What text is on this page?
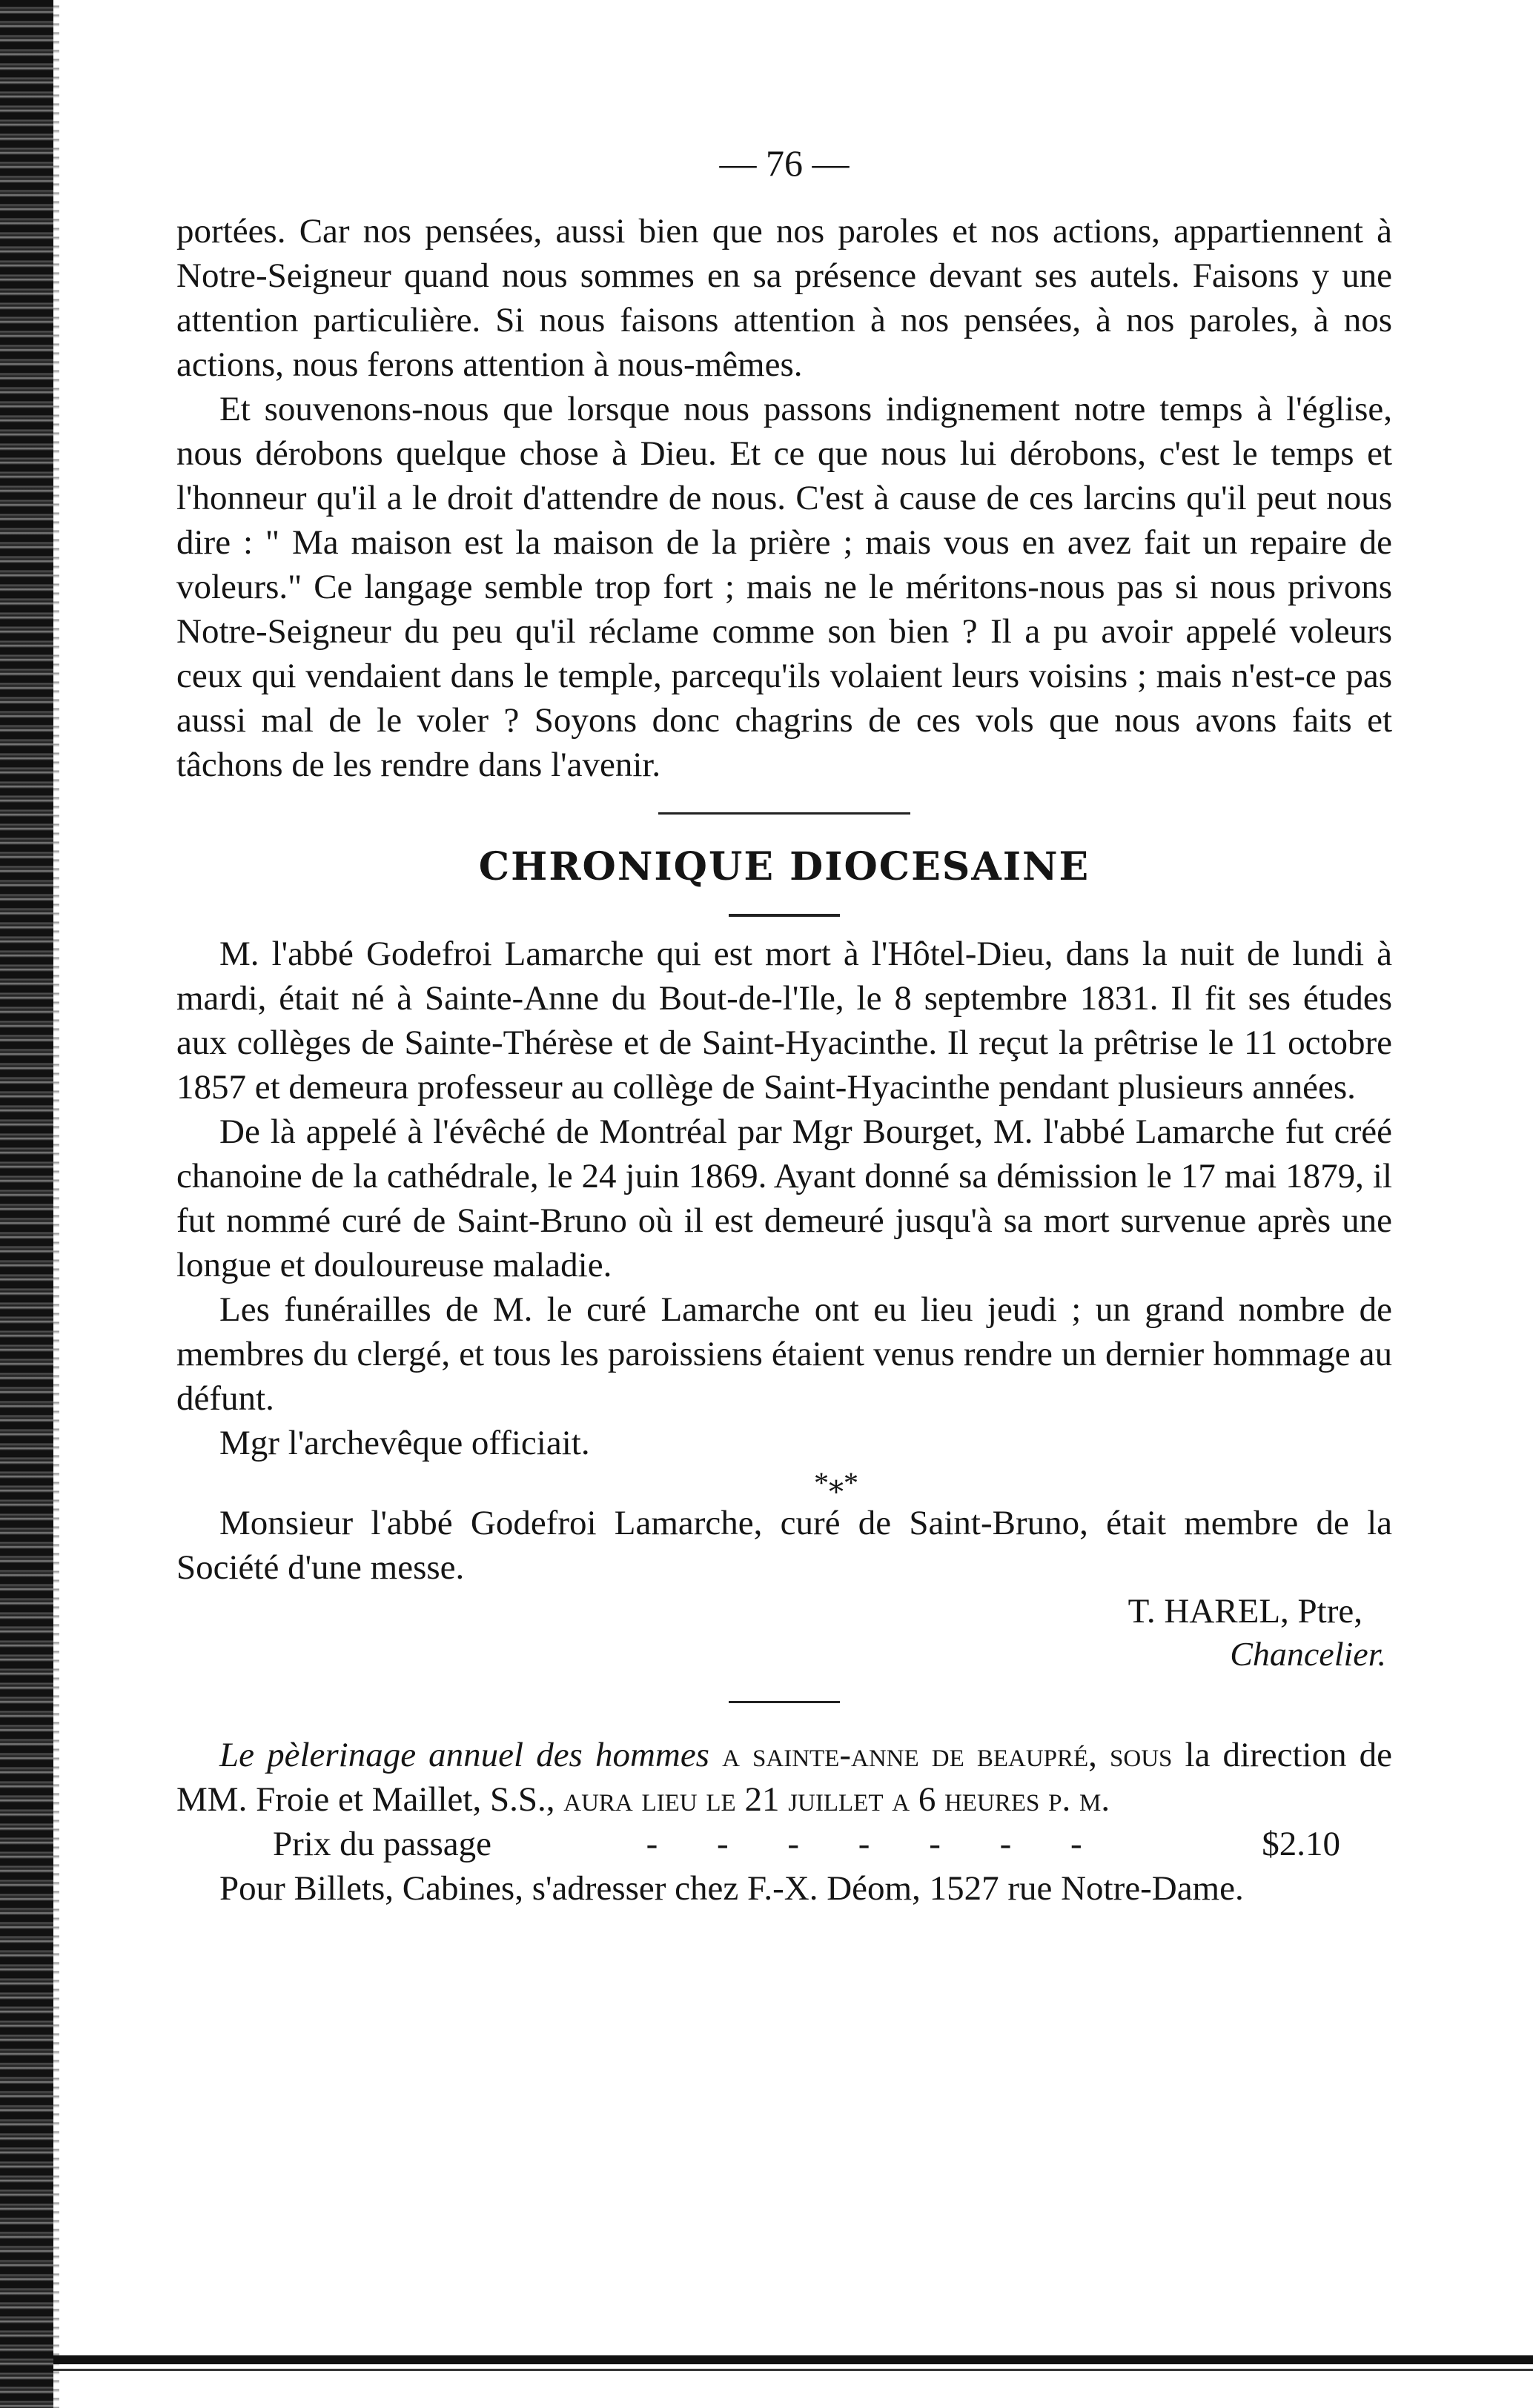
— 76 —

portées. Car nos pensées, aussi bien que nos paroles et nos actions, appartiennent à Notre-Seigneur quand nous sommes en sa présence devant ses autels. Faisons y une attention particulière. Si nous faisons attention à nos pensées, à nos paroles, à nos actions, nous ferons attention à nous-mêmes.

Et souvenons-nous que lorsque nous passons indignement notre temps à l'église, nous dérobons quelque chose à Dieu. Et ce que nous lui dérobons, c'est le temps et l'honneur qu'il a le droit d'attendre de nous. C'est à cause de ces larcins qu'il peut nous dire : " Ma maison est la maison de la prière ; mais vous en avez fait un repaire de voleurs." Ce langage semble trop fort ; mais ne le méritons-nous pas si nous privons Notre-Seigneur du peu qu'il réclame comme son bien ? Il a pu avoir appelé voleurs ceux qui vendaient dans le temple, parcequ'ils volaient leurs voisins ; mais n'est-ce pas aussi mal de le voler ? Soyons donc chagrins de ces vols que nous avons faits et tâchons de les rendre dans l'avenir.

CHRONIQUE DIOCESAINE

M. l'abbé Godefroi Lamarche qui est mort à l'Hôtel-Dieu, dans la nuit de lundi à mardi, était né à Sainte-Anne du Bout-de-l'Ile, le 8 septembre 1831. Il fit ses études aux collèges de Sainte-Thérèse et de Saint-Hyacinthe. Il reçut la prêtrise le 11 octobre 1857 et demeura professeur au collège de Saint-Hyacinthe pendant plusieurs années.

De là appelé à l'évêché de Montréal par Mgr Bourget, M. l'abbé Lamarche fut créé chanoine de la cathédrale, le 24 juin 1869. Ayant donné sa démission le 17 mai 1879, il fut nommé curé de Saint-Bruno où il est demeuré jusqu'à sa mort survenue après une longue et douloureuse maladie.

Les funérailles de M. le curé Lamarche ont eu lieu jeudi ; un grand nombre de membres du clergé, et tous les paroissiens étaient venus rendre un dernier hommage au défunt.

Mgr l'archevêque officiait.

*⁎*

Monsieur l'abbé Godefroi Lamarche, curé de Saint-Bruno, était membre de la Société d'une messe.

T. HAREL, Ptre,
Chancelier.

Le pèlerinage annuel des hommes a sainte-anne de beaupré, sous la direction de MM. Froie et Maillet, S.S., aura lieu le 21 juillet a 6 heures p. m.

Prix du passage	- - - - - - -	$2.10

Pour Billets, Cabines, s'adresser chez F.-X. Déom, 1527 rue Notre-Dame.
